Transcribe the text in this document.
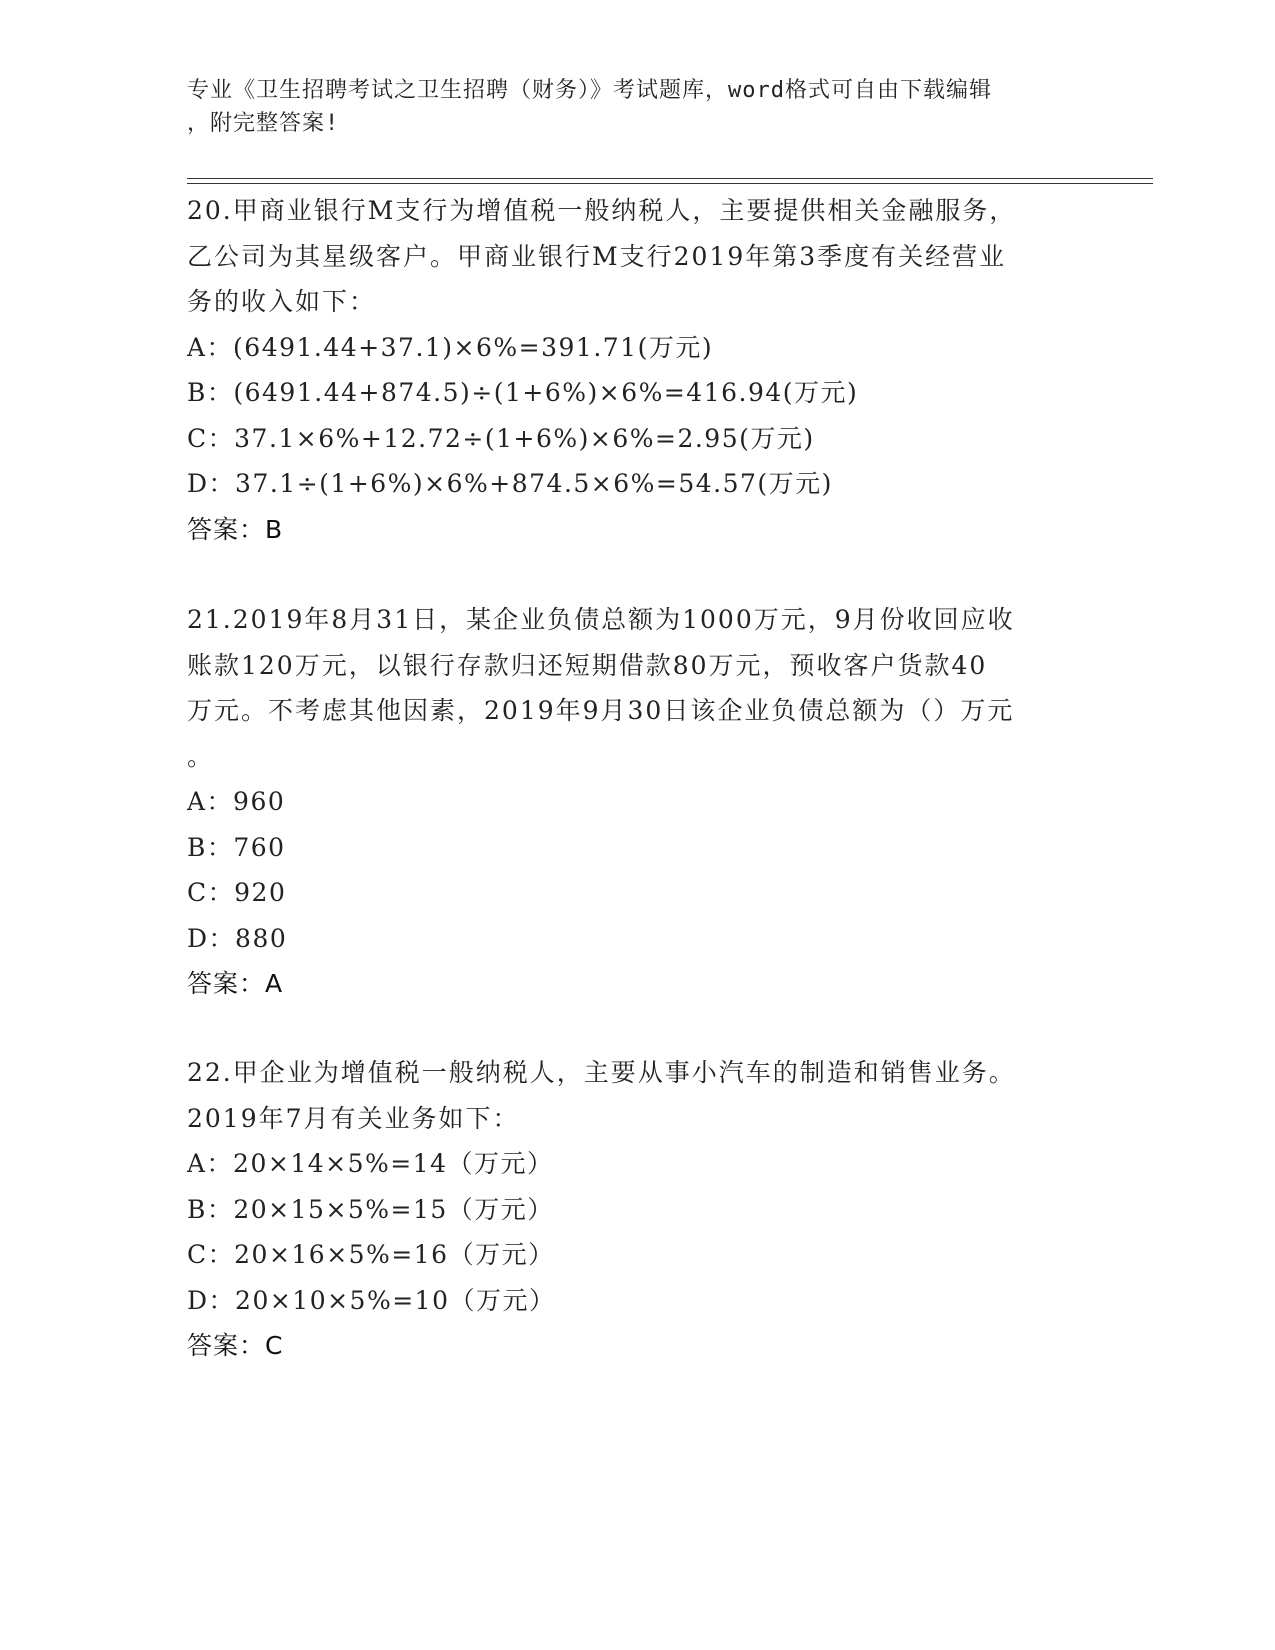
专业《卫生招聘考试之卫生招聘（财务）》考试题库，word格式可自由下载编辑
，附完整答案!
20.甲商业银行M支行为增值税一般纳税人，主要提供相关金融服务，
乙公司为其星级客户。甲商业银行M支行2019年第3季度有关经营业
务的收入如下：
A：(6491.44+37.1)×6%=391.71(万元)
B：(6491.44+874.5)÷(1+6%)×6%=416.94(万元)
C：37.1×6%+12.72÷(1+6%)×6%=2.95(万元)
D：37.1÷(1+6%)×6%+874.5×6%=54.57(万元)
答案：B
21.2019年8月31日，某企业负债总额为1000万元，9月份收回应收
账款120万元，以银行存款归还短期借款80万元，预收客户货款40
万元。不考虑其他因素，2019年9月30日该企业负债总额为（）万元
。
A：960
B：760
C：920
D：880
答案：A
22.甲企业为增值税一般纳税人，主要从事小汽车的制造和销售业务。
2019年7月有关业务如下：
A：20×14×5%=14（万元）
B：20×15×5%=15（万元）
C：20×16×5%=16（万元）
D：20×10×5%=10（万元）
答案：C
